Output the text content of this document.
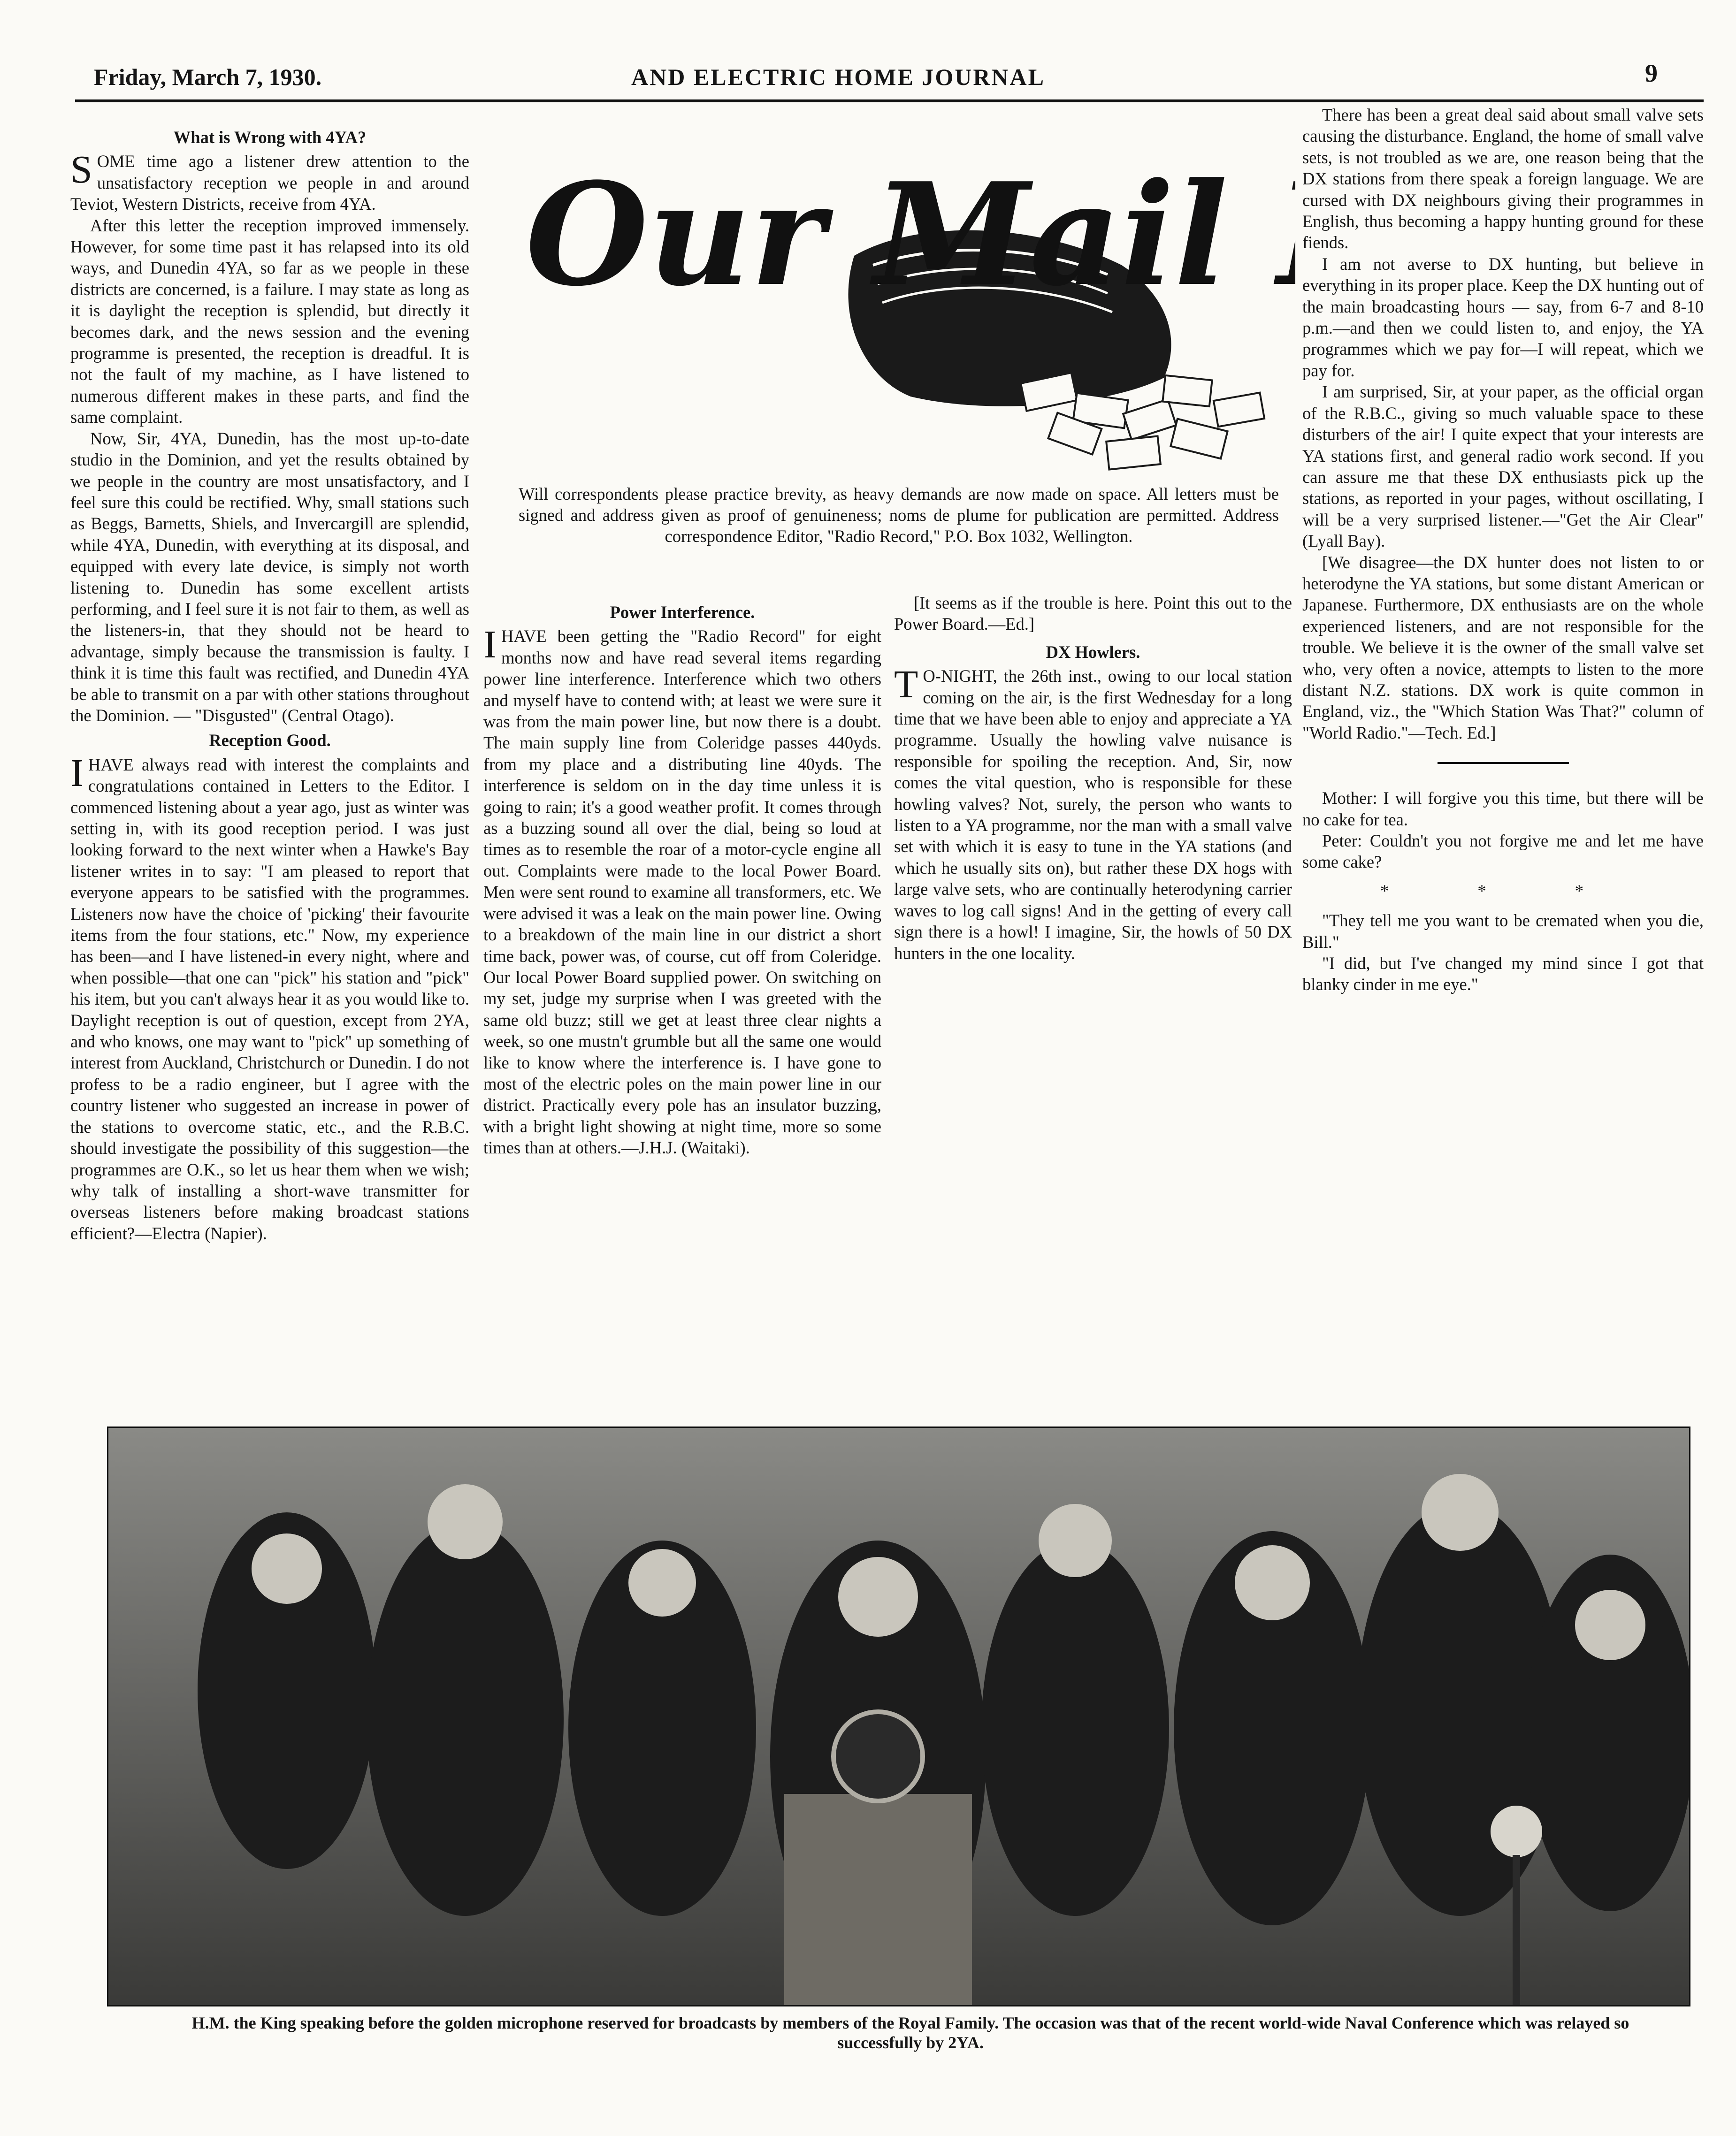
Friday, March 7, 1930.	AND ELECTRIC HOME JOURNAL	9
What is Wrong with 4YA?

SOME time ago a listener drew attention to the unsatisfactory reception we people in and around Teviot, Western Districts, receive from 4YA.

After this letter the reception improved immensely. However, for some time past it has relapsed into its old ways, and Dunedin 4YA, so far as we people in these districts are concerned, is a failure. I may state as long as it is daylight the reception is splendid, but directly it becomes dark, and the news session and the evening programme is presented, the reception is dreadful. It is not the fault of my machine, as I have listened to numerous different makes in these parts, and find the same complaint.

Now, Sir, 4YA, Dunedin, has the most up-to-date studio in the Dominion, and yet the results obtained by we people in the country are most unsatisfactory, and I feel sure this could be rectified. Why, small stations such as Beggs, Barnetts, Shiels, and Invercargill are splendid, while 4YA, Dunedin, with everything at its disposal, and equipped with every late device, is simply not worth listening to. Dunedin has some excellent artists performing, and I feel sure it is not fair to them, as well as the listeners-in, that they should not be heard to advantage, simply because the transmission is faulty. I think it is time this fault was rectified, and Dunedin 4YA be able to transmit on a par with other stations throughout the Dominion. — "Disgusted" (Central Otago).

Reception Good.

IHAVE always read with interest the complaints and congratulations contained in Letters to the Editor. I commenced listening about a year ago, just as winter was setting in, with its good reception period. I was just looking forward to the next winter when a Hawke's Bay listener writes in to say: "I am pleased to report that everyone appears to be satisfied with the programmes. Listeners now have the choice of 'picking' their favourite items from the four stations, etc." Now, my experience has been—and I have listened-in every night, where and when possible—that one can "pick" his station and "pick" his item, but you can't always hear it as you would like to. Daylight reception is out of question, except from 2YA, and who knows, one may want to "pick" up something of interest from Auckland, Christchurch or Dunedin. I do not profess to be a radio engineer, but I agree with the country listener who suggested an increase in power of the stations to overcome static, etc., and the R.B.C. should investigate the possibility of this suggestion—the programmes are O.K., so let us hear them when we wish; why talk of installing a short-wave transmitter for overseas listeners before making broadcast stations efficient?—Electra (Napier).

Power Interference.

IHAVE been getting the "Radio Record" for eight months now and have read several items regarding power line interference. Interference which two others and myself have to contend with; at least we were sure it was from the main power line, but now there is a doubt. The main supply line from Coleridge passes 440yds. from my place and a distributing line 40yds. The interference is seldom on in the day time unless it is going to rain; it's a good weather profit. It comes through as a buzzing sound all over the dial, being so loud at times as to resemble the roar of a motor-cycle engine all out. Complaints were made to the local Power Board. Men were sent round to examine all transformers, etc. We were advised it was a leak on the main power line. Owing to a breakdown of the main line in our district a short time back, power was, of course, cut off from Coleridge. Our local Power Board supplied power. On switching on my set, judge my surprise when I was greeted with the same old buzz; still we get at least three clear nights a week, so one mustn't grumble but all the same one would like to know where the interference is. I have gone to most of the electric poles on the main power line in our district. Practically every pole has an insulator buzzing, with a bright light showing at night time, more so some times than at others.—J.H.J. (Waitaki).

[It seems as if the trouble is here. Point this out to the Power Board.—Ed.]

DX Howlers.

T O-NIGHT, the 26th inst., owing to our local station coming on the air, is the first Wednesday for a long time that we have been able to enjoy and appreciate a YA programme. Usually the howling valve nuisance is responsible for spoiling the reception. And, Sir, now comes the vital question, who is responsible for these howling valves? Not, surely, the person who wants to listen to a YA programme, nor the man with a small valve set with which it is easy to tune in the YA stations (and which he usually sits on), but rather these DX hogs with large valve sets, who are continually heterodyning carrier waves to log call signs! And in the getting of every call sign there is a howl! I imagine, Sir, the howls of 50 DX hunters in the one locality.

There has been a great deal said about small valve sets causing the disturbance. England, the home of small valve sets, is not troubled as we are, one reason being that the DX stations from there speak a foreign language. We are cursed with DX neighbours giving their programmes in English, thus becoming a happy hunting ground for these fiends.

I am not averse to DX hunting, but believe in everything in its proper place. Keep the DX hunting out of the main broadcasting hours — say, from 6-7 and 8-10 p.m.—and then we could listen to, and enjoy, the YA programmes which we pay for—I will repeat, which we pay for.

I am surprised, Sir, at your paper, as the official organ of the R.B.C., giving so much valuable space to these disturbers of the air! I quite expect that your interests are YA stations first, and general radio work second. If you can assure me that these DX enthusiasts pick up the stations, as reported in your pages, without oscillating, I will be a very surprised listener.—"Get the Air Clear" (Lyall Bay).

[We disagree—the DX hunter does not listen to or heterodyne the YA stations, but some distant American or Japanese. Furthermore, DX enthusiasts are on the whole experienced listeners, and are not responsible for the trouble. We believe it is the owner of the small valve set who, very often a novice, attempts to listen to the more distant N.Z. stations. DX work is quite common in England, viz., the "Which Station Was That?" column of "World Radio."—Tech. Ed.]

Mother: I will forgive you this time, but there will be no cake for tea.

Peter: Couldn't you not forgive me and let me have some cake?

* * *

"They tell me you want to be cremated when you die, Bill."

"I did, but I've changed my mind since I got that blanky cinder in me eye."

Our Mail
Will correspondents please practice brevity, as heavy demands are now made on space. All letters must be signed and address given as proof of genuineness; noms de plume for publication are permitted. Address correspondence Editor, "Radio Record," P.O. Box 1032, Wellington.
H.M. the King speaking before the golden microphone reserved for broadcasts by members of the Royal Family. The occasion was that of the recent world-wide Naval Conference which was relayed so successfully by 2YA.
